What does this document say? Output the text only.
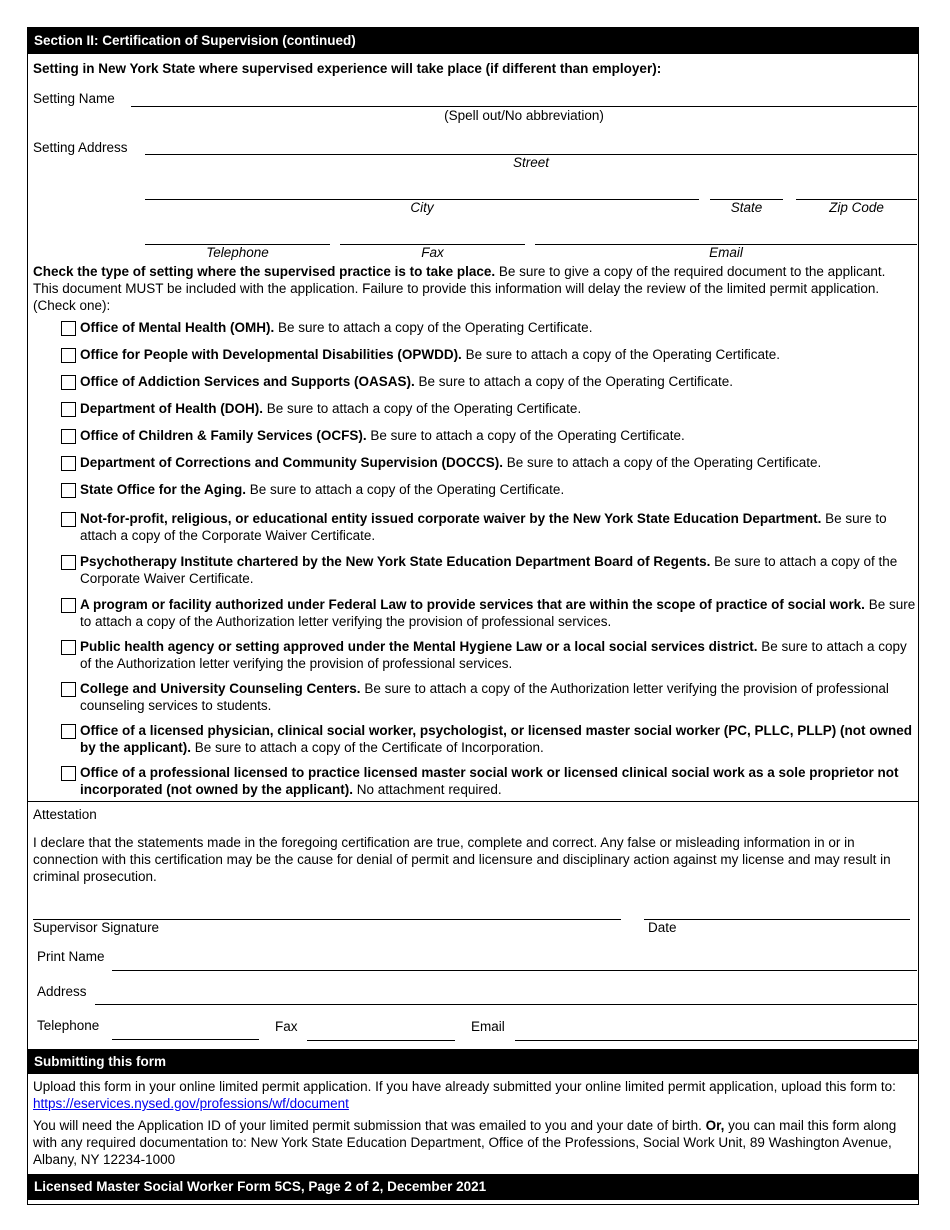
Section II: Certification of Supervision (continued)
Setting in New York State where supervised experience will take place (if different than employer):
Setting Name
(Spell out/No abbreviation)
Setting Address
Street
City	State	Zip Code
Telephone	Fax	Email
Check the type of setting where the supervised practice is to take place. Be sure to give a copy of the required document to the applicant. This document MUST be included with the application. Failure to provide this information will delay the review of the limited permit application. (Check one):
Office of Mental Health (OMH). Be sure to attach a copy of the Operating Certificate.
Office for People with Developmental Disabilities (OPWDD). Be sure to attach a copy of the Operating Certificate.
Office of Addiction Services and Supports (OASAS). Be sure to attach a copy of the Operating Certificate.
Department of Health (DOH). Be sure to attach a copy of the Operating Certificate.
Office of Children & Family Services (OCFS). Be sure to attach a copy of the Operating Certificate.
Department of Corrections and Community Supervision (DOCCS). Be sure to attach a copy of the Operating Certificate.
State Office for the Aging. Be sure to attach a copy of the Operating Certificate.
Not-for-profit, religious, or educational entity issued corporate waiver by the New York State Education Department. Be sure to attach a copy of the Corporate Waiver Certificate.
Psychotherapy Institute chartered by the New York State Education Department Board of Regents. Be sure to attach a copy of the Corporate Waiver Certificate.
A program or facility authorized under Federal Law to provide services that are within the scope of practice of social work. Be sure to attach a copy of the Authorization letter verifying the provision of professional services.
Public health agency or setting approved under the Mental Hygiene Law or a local social services district. Be sure to attach a copy of the Authorization letter verifying the provision of professional services.
College and University Counseling Centers. Be sure to attach a copy of the Authorization letter verifying the provision of professional counseling services to students.
Office of a licensed physician, clinical social worker, psychologist, or licensed master social worker (PC, PLLC, PLLP) (not owned by the applicant). Be sure to attach a copy of the Certificate of Incorporation.
Office of a professional licensed to practice licensed master social work or licensed clinical social work as a sole proprietor not incorporated (not owned by the applicant). No attachment required.
Attestation
I declare that the statements made in the foregoing certification are true, complete and correct. Any false or misleading information in or in connection with this certification may be the cause for denial of permit and licensure and disciplinary action against my license and may result in criminal prosecution.
Supervisor Signature	Date
Print Name
Address
Telephone	Fax	Email
Submitting this form
Upload this form in your online limited permit application. If you have already submitted your online limited permit application, upload this form to: https://eservices.nysed.gov/professions/wf/document
You will need the Application ID of your limited permit submission that was emailed to you and your date of birth. Or, you can mail this form along with any required documentation to: New York State Education Department, Office of the Professions, Social Work Unit, 89 Washington Avenue, Albany, NY 12234-1000
Licensed Master Social Worker Form 5CS, Page 2 of 2, December 2021
